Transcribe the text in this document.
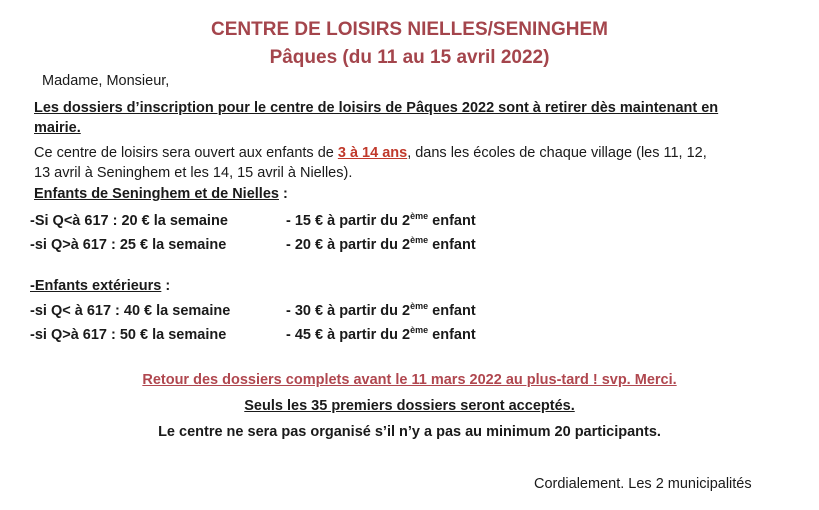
CENTRE DE LOISIRS NIELLES/SENINGHEM
Pâques (du 11 au 15 avril 2022)
Madame, Monsieur,
Les dossiers d’inscription pour le centre de loisirs de Pâques 2022 sont à retirer dès maintenant en
mairie.
Ce centre de loisirs sera ouvert aux enfants de 3 à 14 ans, dans les écoles de chaque village (les 11, 12,
13 avril à Seninghem et les 14, 15 avril à Nielles).
Enfants de Seninghem et de Nielles :
-Si Q<à 617 : 20 € la semaine	- 15 € à partir du 2ème enfant
-si Q>à 617 : 25 € la semaine	- 20 € à partir du 2ème enfant
-Enfants extérieurs :
-si Q< à 617 : 40 € la semaine	- 30 € à partir du 2ème enfant
-si Q>à 617 : 50 € la semaine	- 45 € à partir du 2ème enfant
Retour des dossiers complets avant le 11 mars 2022 au plus-tard ! svp. Merci.
Seuls les 35 premiers dossiers seront acceptés.
Le centre ne sera pas organisé s’il n’y a pas au minimum 20 participants.
Cordialement. Les 2 municipalités
